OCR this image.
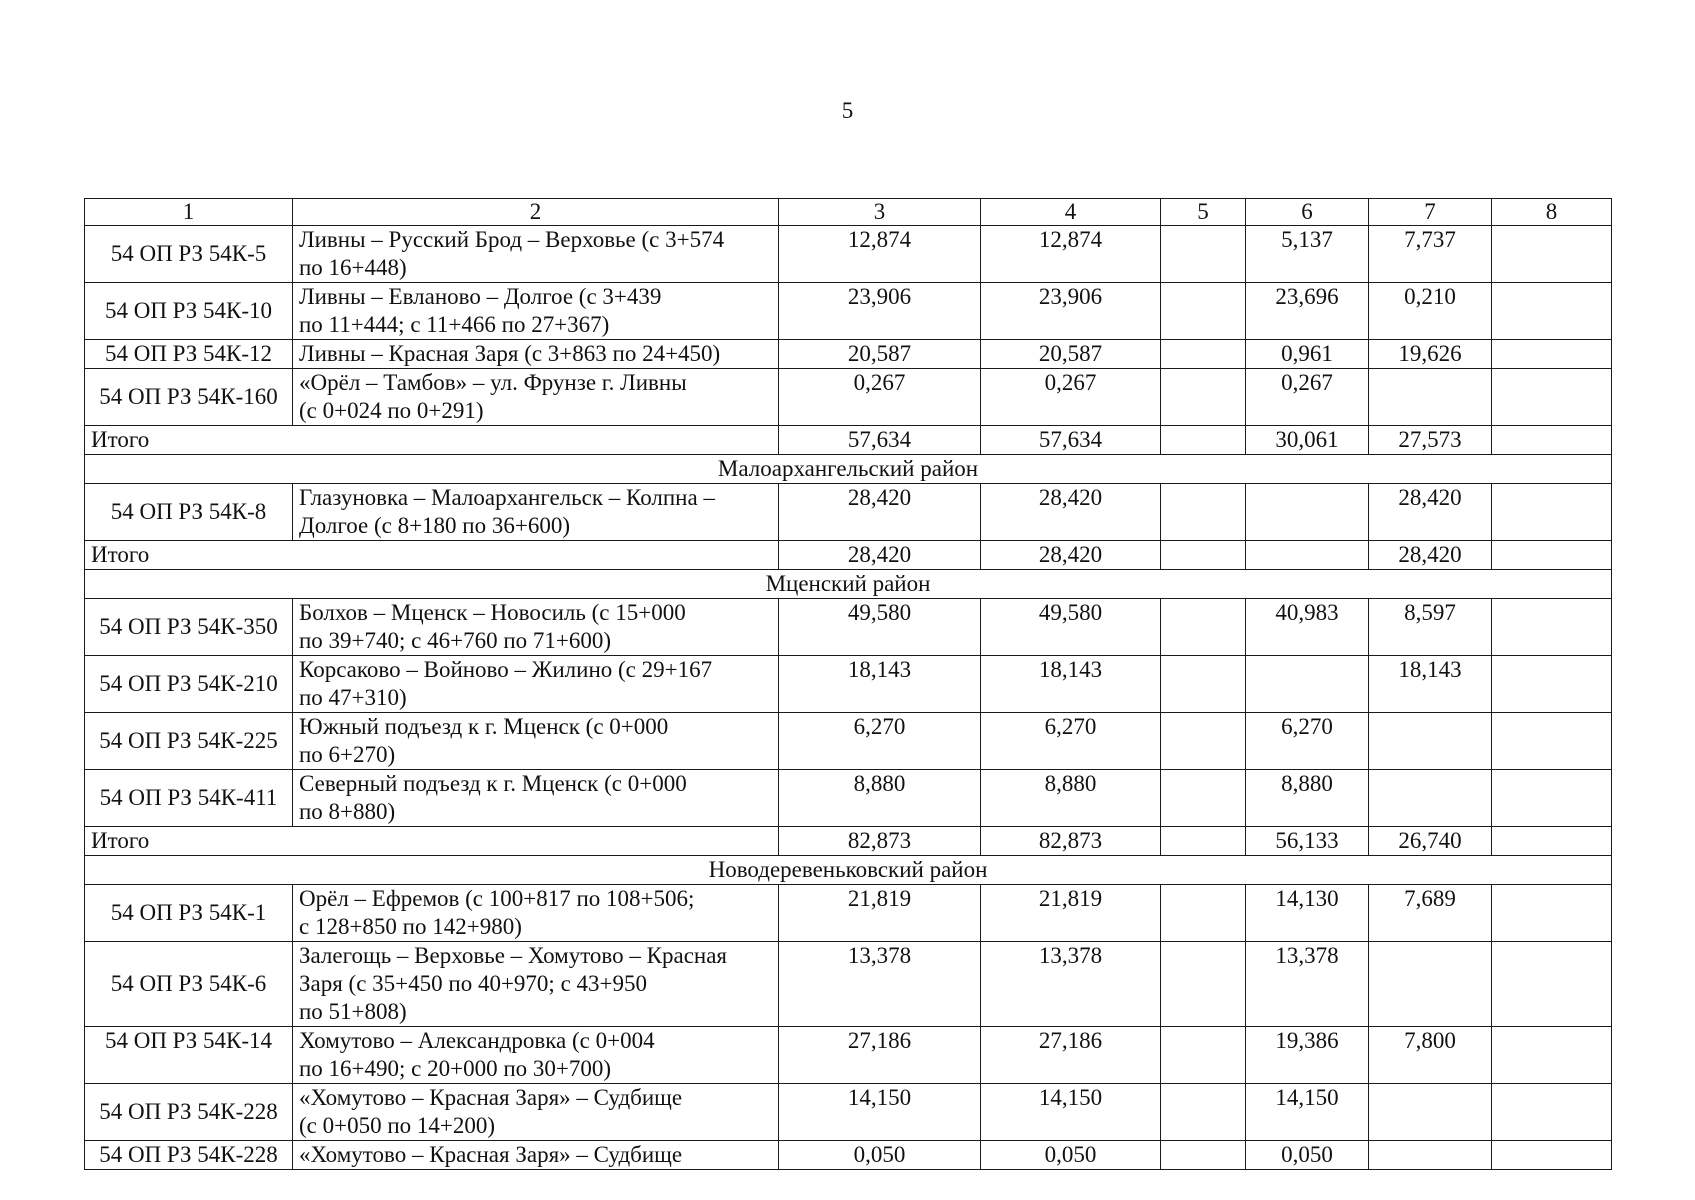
5
1	2	3	4	5	6	7	8
54 ОП РЗ 54К-5	Ливны – Русский Брод – Верховье (с 3+574
по 16+448)	12,874	12,874		5,137	7,737	
54 ОП РЗ 54К-10	Ливны – Евланово – Долгое (с 3+439
по 11+444; с 11+466 по 27+367)	23,906	23,906		23,696	0,210	
54 ОП РЗ 54К-12	Ливны – Красная Заря (с 3+863 по 24+450)	20,587	20,587		0,961	19,626	
54 ОП РЗ 54К-160	«Орёл – Тамбов» – ул. Фрунзе г. Ливны
(с 0+024 по 0+291)	0,267	0,267		0,267		
Итого		57,634	57,634		30,061	27,573	
Малоархангельский район							
54 ОП РЗ 54К-8	Глазуновка – Малоархангельск – Колпна –
Долгое (с 8+180 по 36+600)	28,420	28,420			28,420	
Итого		28,420	28,420			28,420	
Мценский район							
54 ОП РЗ 54К-350	Болхов – Мценск – Новосиль (с 15+000
по 39+740; с 46+760 по 71+600)	49,580	49,580		40,983	8,597	
54 ОП РЗ 54К-210	Корсаково – Войново – Жилино (с 29+167
по 47+310)	18,143	18,143			18,143	
54 ОП РЗ 54К-225	Южный подъезд к г. Мценск (с 0+000
по 6+270)	6,270	6,270		6,270		
54 ОП РЗ 54К-411	Северный подъезд к г. Мценск (с 0+000
по 8+880)	8,880	8,880		8,880		
Итого		82,873	82,873		56,133	26,740	
Новодеревеньковский район							
54 ОП РЗ 54К-1	Орёл – Ефремов (с 100+817 по 108+506;
с 128+850 по 142+980)	21,819	21,819		14,130	7,689	
54 ОП РЗ 54К-6	Залегощь – Верховье – Хомутово – Красная
Заря (с 35+450 по 40+970; с 43+950
по 51+808)	13,378	13,378		13,378		
54 ОП РЗ 54К-14	Хомутово – Александровка (с 0+004
по 16+490; с 20+000 по 30+700)	27,186	27,186		19,386	7,800	
54 ОП РЗ 54К-228	«Хомутово – Красная Заря» – Судбище
(с 0+050 по 14+200)	14,150	14,150		14,150		
54 ОП РЗ 54К-228	«Хомутово – Красная Заря» – Судбище	0,050	0,050		0,050		
